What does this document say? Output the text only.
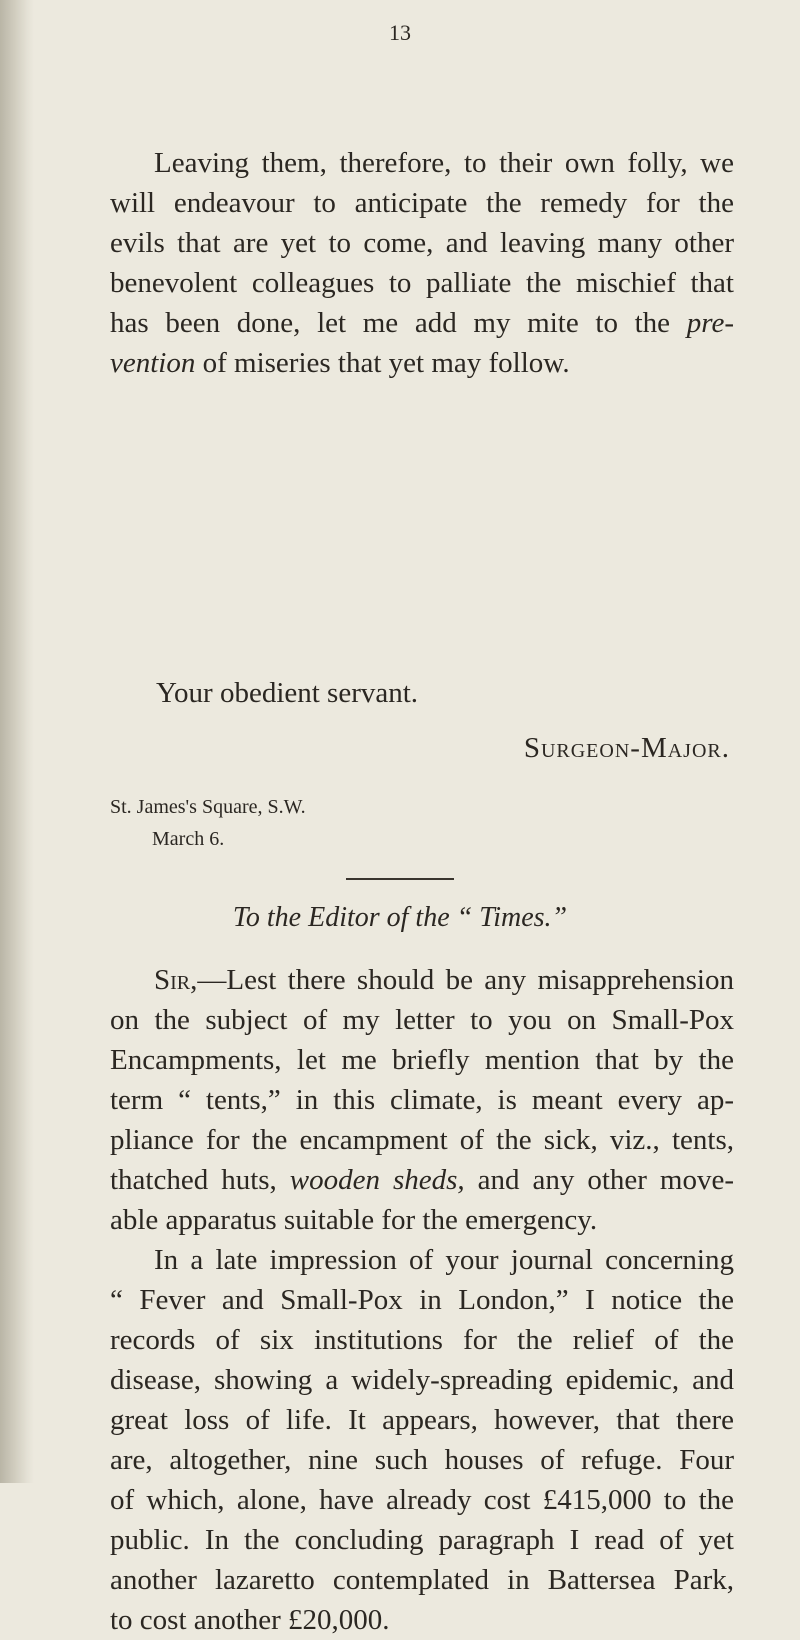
13

Leaving them, therefore, to their own folly, we
will endeavour to anticipate the remedy for the
evils that are yet to come, and leaving many other
benevolent colleagues to palliate the mischief that
has been done, let me add my mite to the pre-
vention of miseries that yet may follow.

Your obedient servant.
Surgeon-Major.
St. James's Square, S.W.
March 6.
To the Editor of the “ Times.”

Sir,—Lest there should be any misapprehension
on the subject of my letter to you on Small-Pox
Encampments, let me briefly mention that by the
term “ tents,” in this climate, is meant every ap-
pliance for the encampment of the sick, viz., tents,
thatched huts, wooden sheds, and any other move-
able apparatus suitable for the emergency.

In a late impression of your journal concerning
“ Fever and Small-Pox in London,” I notice the
records of six institutions for the relief of the
disease, showing a widely-spreading epidemic, and
great loss of life. It appears, however, that there
are, altogether, nine such houses of refuge. Four
of which, alone, have already cost £415,000 to the
public. In the concluding paragraph I read of yet
another lazaretto contemplated in Battersea Park,
to cost another £20,000.
